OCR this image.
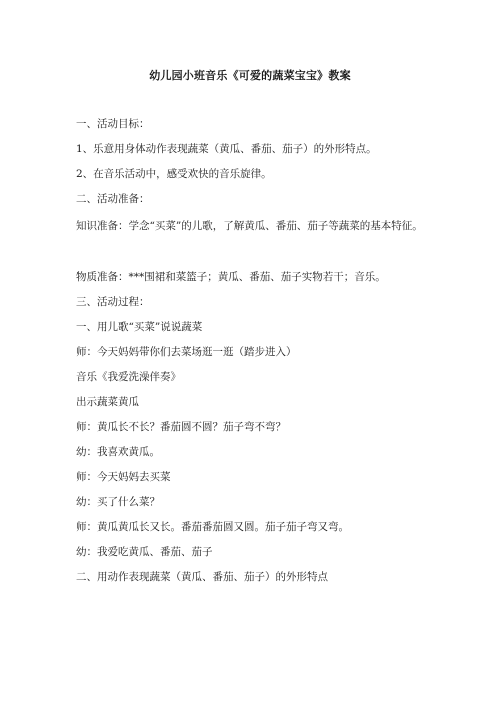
幼儿园小班音乐《可爱的蔬菜宝宝》教案
一、活动目标：
1、乐意用身体动作表现蔬菜（黄瓜、番茄、茄子）的外形特点。
2、在音乐活动中，感受欢快的音乐旋律。
二、活动准备：
知识准备：学念“买菜”的儿歌，了解黄瓜、番茄、茄子等蔬菜的基本特征。
物质准备：***围裙和菜篮子；黄瓜、番茄、茄子实物若干；音乐。
三、活动过程：
一、用儿歌“买菜”说说蔬菜
师：今天妈妈带你们去菜场逛一逛（踏步进入）
音乐《我爱洗澡伴奏》
出示蔬菜黄瓜
师：黄瓜长不长？番茄圆不圆？茄子弯不弯？
幼：我喜欢黄瓜。
师：今天妈妈去买菜
幼：买了什么菜？
师：黄瓜黄瓜长又长。番茄番茄圆又圆。茄子茄子弯又弯。
幼：我爱吃黄瓜、番茄、茄子
二、用动作表现蔬菜（黄瓜、番茄、茄子）的外形特点
